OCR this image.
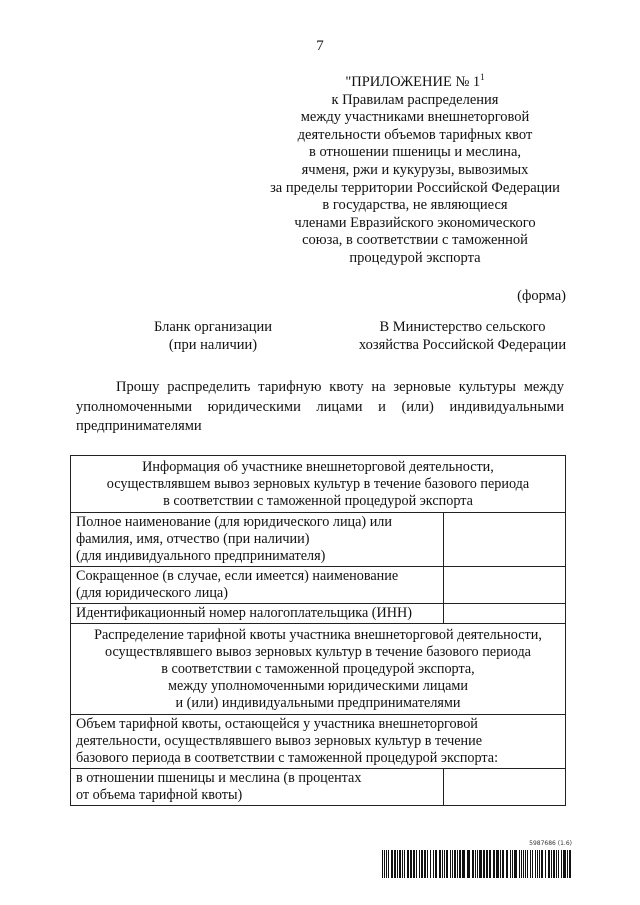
7
"ПРИЛОЖЕНИЕ № $1^1$
к Правилам распределения
между участниками внешнеторговой
деятельности объемов тарифных квот
в отношении пшеницы и меслина,
ячменя, ржи и кукурузы, вывозимых
за пределы территории Российской Федерации
в государства, не являющиеся
членами Евразийского экономического
союза, в соответствии с таможенной
процедурой экспорта
(форма)
Бланк организации
(при наличии)
В Министерство сельского
хозяйства Российской Федерации
Прошу распределить тарифную квоту на зерновые культуры между уполномоченными юридическими лицами и (или) индивидуальными предпринимателями
Информация об участнике внешнеторговой деятельности,
осуществлявшем вывоз зерновых культур в течение базового периода
в соответствии с таможенной процедурой экспорта	

Полное наименование (для юридического лица) или
фамилия, имя, отчество (при наличии)
(для индивидуального предпринимателя)	

Сокращенное (в случае, если имеется) наименование
(для юридического лица)	

Идентификационный номер налогоплательщика (ИНН)	

Распределение тарифной квоты участника внешнеторговой деятельности,
осуществлявшего вывоз зерновых культур в течение базового периода
в соответствии с таможенной процедурой экспорта,
между уполномоченными юридическими лицами
и (или) индивидуальными предпринимателями	

Объем тарифной квоты, остающейся у участника внешнеторговой
деятельности, осуществлявшего вывоз зерновых культур в течение
базового периода в соответствии с таможенной процедурой экспорта:	

в отношении пшеницы и меслина (в процентах
от объема тарифной квоты)	

5987686 (1.6)
